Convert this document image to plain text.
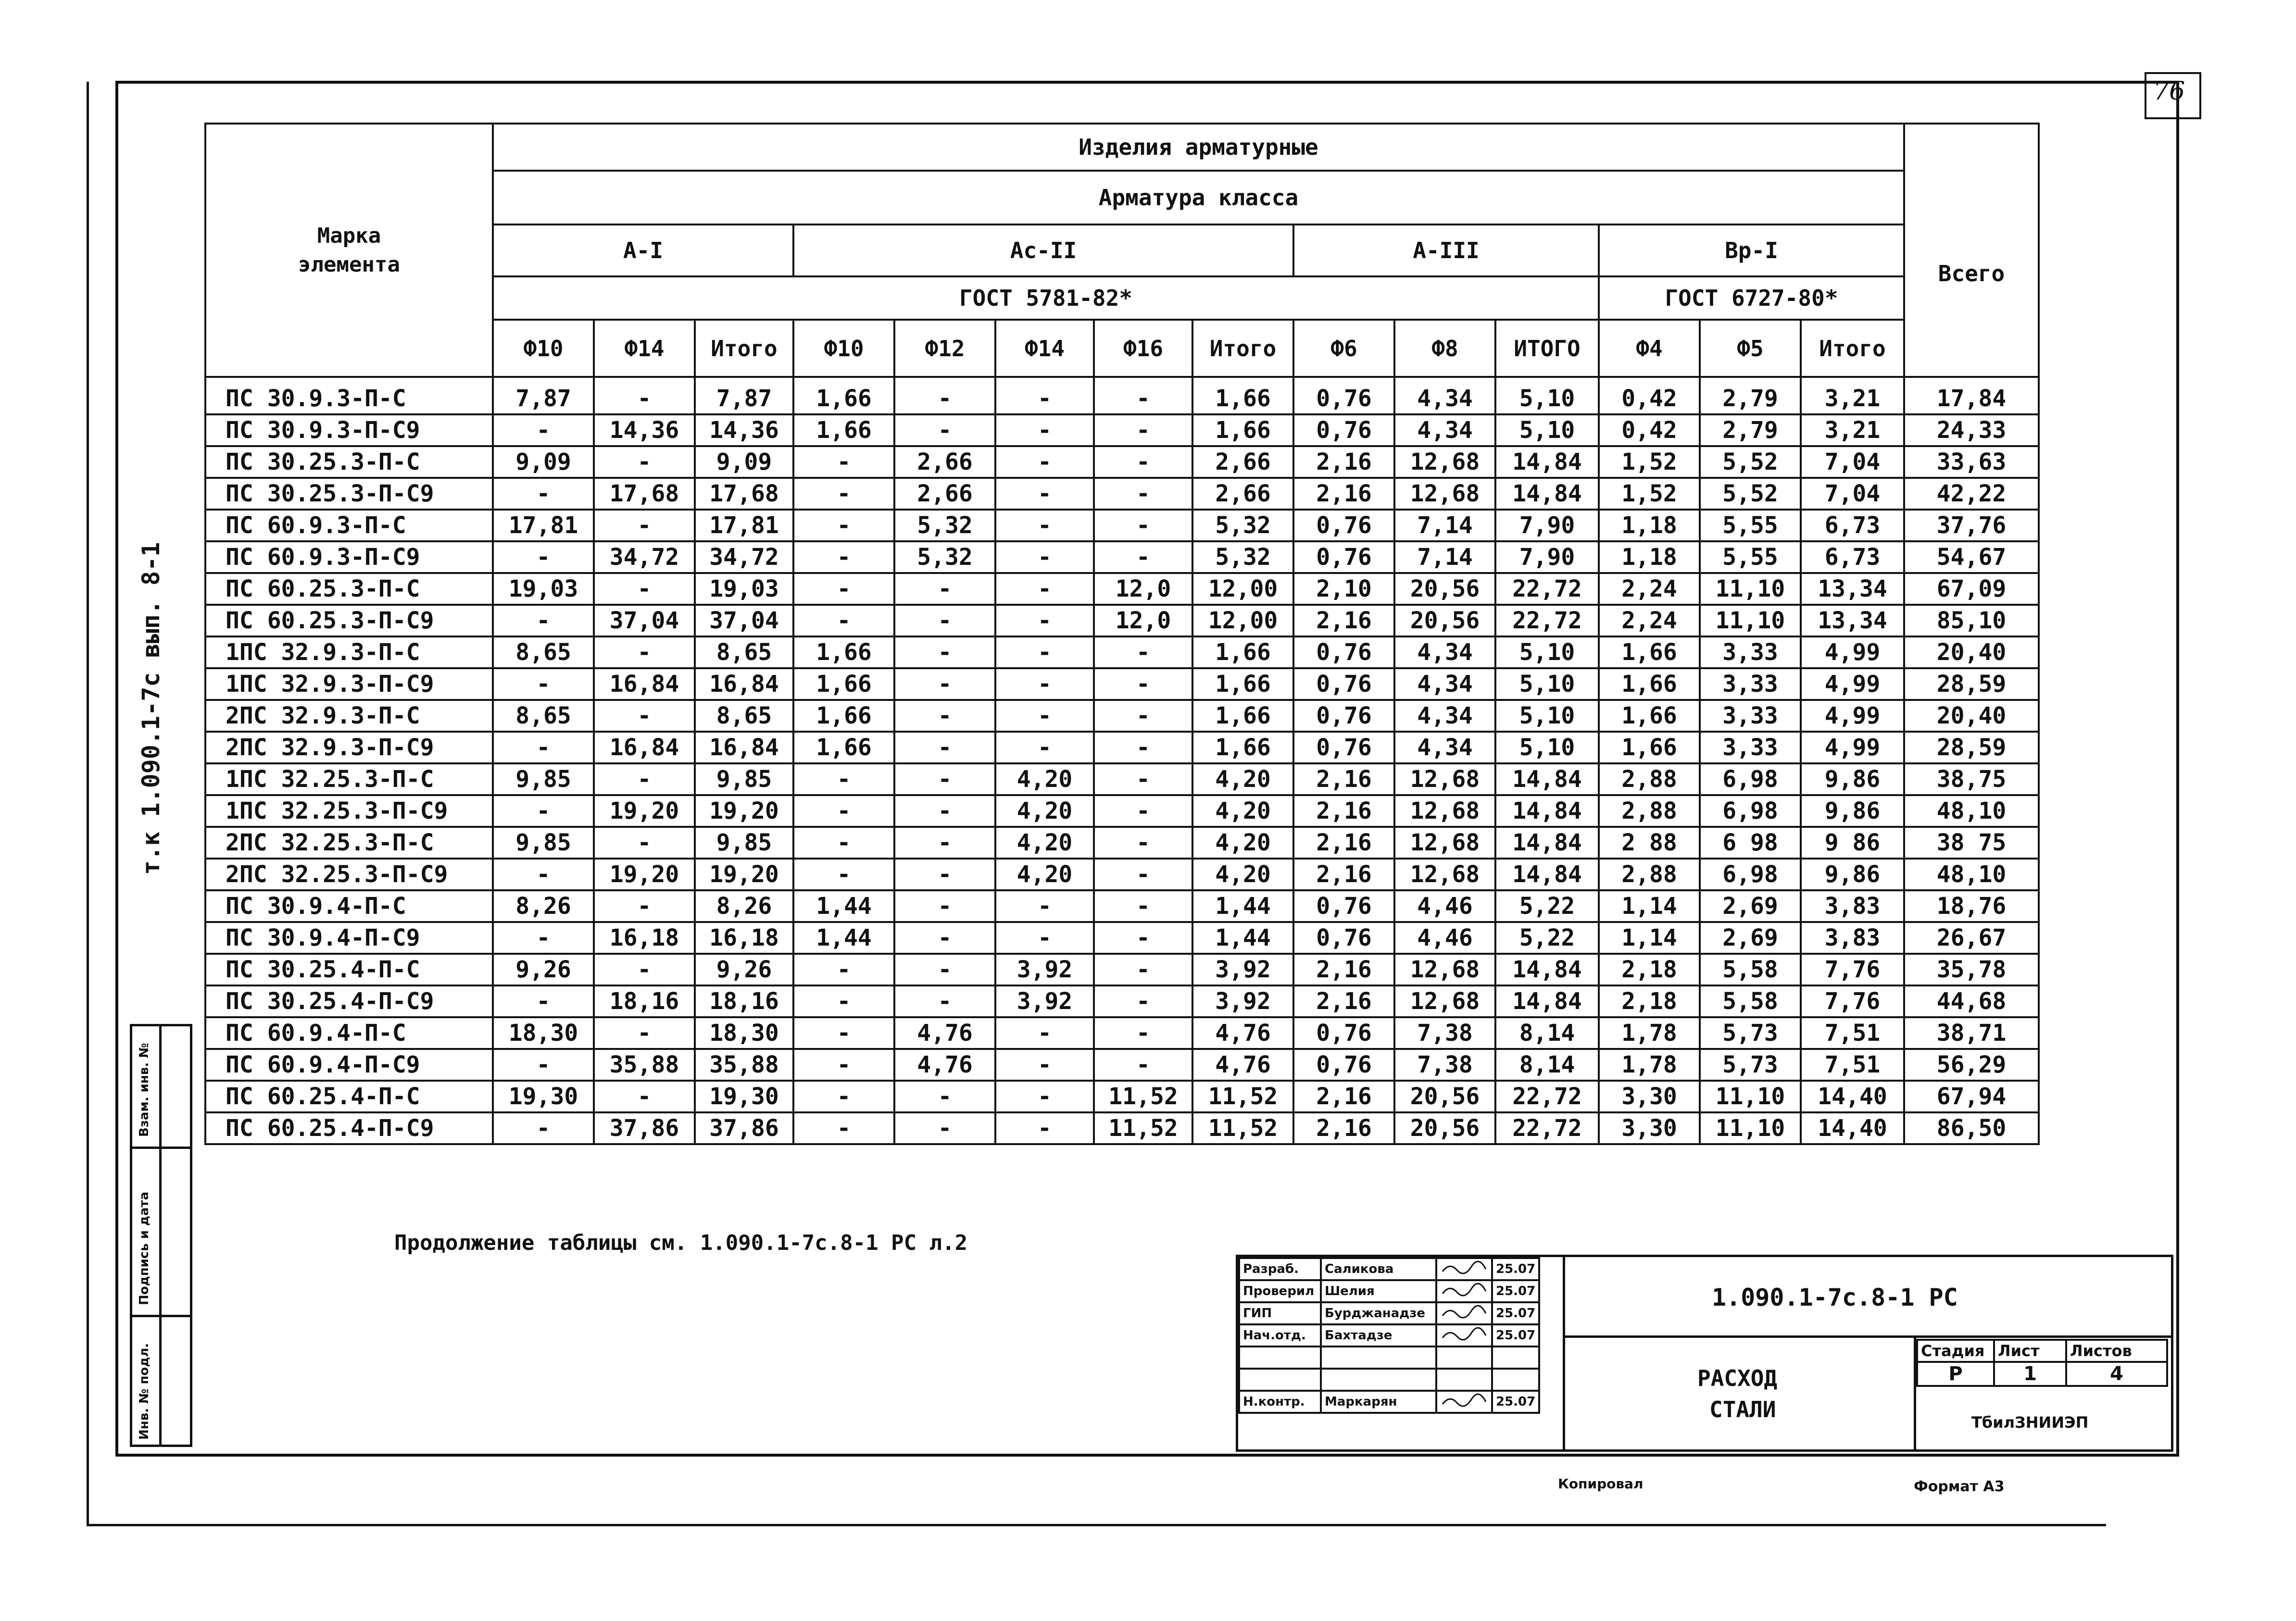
76
т.к 1.090.1-7с вып. 8-1
Взам. инв. №
Подпись и дата
Инв. № подл.
Марка
элемента	Изделия арматурные														
	Арматура класса														Всего
	А-I			Ас-II					А-III			Вр-I			
	ГОСТ 5781-82*											ГОСТ 6727-80*			
	Ф10	Ф14	Итого	Ф10	Ф12	Ф14	Ф16	Итого	Ф6	Ф8	ИТОГО	Ф4	Ф5	Итого	
ПС 30.9.3-П-С	7,87	-	7,87	1,66	-	-	-	1,66	0,76	4,34	5,10	0,42	2,79	3,21	17,84
ПС 30.9.3-П-С9	-	14,36	14,36	1,66	-	-	-	1,66	0,76	4,34	5,10	0,42	2,79	3,21	24,33
ПС 30.25.3-П-С	9,09	-	9,09	-	2,66	-	-	2,66	2,16	12,68	14,84	1,52	5,52	7,04	33,63
ПС 30.25.3-П-С9	-	17,68	17,68	-	2,66	-	-	2,66	2,16	12,68	14,84	1,52	5,52	7,04	42,22
ПС 60.9.3-П-С	17,81	-	17,81	-	5,32	-	-	5,32	0,76	7,14	7,90	1,18	5,55	6,73	37,76
ПС 60.9.3-П-С9	-	34,72	34,72	-	5,32	-	-	5,32	0,76	7,14	7,90	1,18	5,55	6,73	54,67
ПС 60.25.3-П-С	19,03	-	19,03	-	-	-	12,0	12,00	2,10	20,56	22,72	2,24	11,10	13,34	67,09
ПС 60.25.3-П-С9	-	37,04	37,04	-	-	-	12,0	12,00	2,16	20,56	22,72	2,24	11,10	13,34	85,10
1ПС 32.9.3-П-С	8,65	-	8,65	1,66	-	-	-	1,66	0,76	4,34	5,10	1,66	3,33	4,99	20,40
1ПС 32.9.3-П-С9	-	16,84	16,84	1,66	-	-	-	1,66	0,76	4,34	5,10	1,66	3,33	4,99	28,59
2ПС 32.9.3-П-С	8,65	-	8,65	1,66	-	-	-	1,66	0,76	4,34	5,10	1,66	3,33	4,99	20,40
2ПС 32.9.3-П-С9	-	16,84	16,84	1,66	-	-	-	1,66	0,76	4,34	5,10	1,66	3,33	4,99	28,59
1ПС 32.25.3-П-С	9,85	-	9,85	-	-	4,20	-	4,20	2,16	12,68	14,84	2,88	6,98	9,86	38,75
1ПС 32.25.3-П-С9	-	19,20	19,20	-	-	4,20	-	4,20	2,16	12,68	14,84	2,88	6,98	9,86	48,10
2ПС 32.25.3-П-С	9,85	-	9,85	-	-	4,20	-	4,20	2,16	12,68	14,84	2 88	6 98	9 86	38 75
2ПС 32.25.3-П-С9	-	19,20	19,20	-	-	4,20	-	4,20	2,16	12,68	14,84	2,88	6,98	9,86	48,10
ПС 30.9.4-П-С	8,26	-	8,26	1,44	-	-	-	1,44	0,76	4,46	5,22	1,14	2,69	3,83	18,76
ПС 30.9.4-П-С9	-	16,18	16,18	1,44	-	-	-	1,44	0,76	4,46	5,22	1,14	2,69	3,83	26,67
ПС 30.25.4-П-С	9,26	-	9,26	-	-	3,92	-	3,92	2,16	12,68	14,84	2,18	5,58	7,76	35,78
ПС 30.25.4-П-С9	-	18,16	18,16	-	-	3,92	-	3,92	2,16	12,68	14,84	2,18	5,58	7,76	44,68
ПС 60.9.4-П-С	18,30	-	18,30	-	4,76	-	-	4,76	0,76	7,38	8,14	1,78	5,73	7,51	38,71
ПС 60.9.4-П-С9	-	35,88	35,88	-	4,76	-	-	4,76	0,76	7,38	8,14	1,78	5,73	7,51	56,29
ПС 60.25.4-П-С	19,30	-	19,30	-	-	-	11,52	11,52	2,16	20,56	22,72	3,30	11,10	14,40	67,94
ПС 60.25.4-П-С9	-	37,86	37,86	-	-	-	11,52	11,52	2,16	20,56	22,72	3,30	11,10	14,40	86,50
Продолжение таблицы см. 1.090.1-7с.8-1 РС л.2
Разраб.	Саликова		25.07
Проверил	Шелия		25.07
ГИП	Бурджанадзе		25.07
Нач.отд.	Бахтадзе		25.07

Н.контр.	Маркарян		25.07
1.090.1-7с.8-1 РС
РАСХОД
СТАЛИ
Стадия	Лист	Листов
Р	1	4
ТбилЗНИИЭП
Копировал	Формат А3
